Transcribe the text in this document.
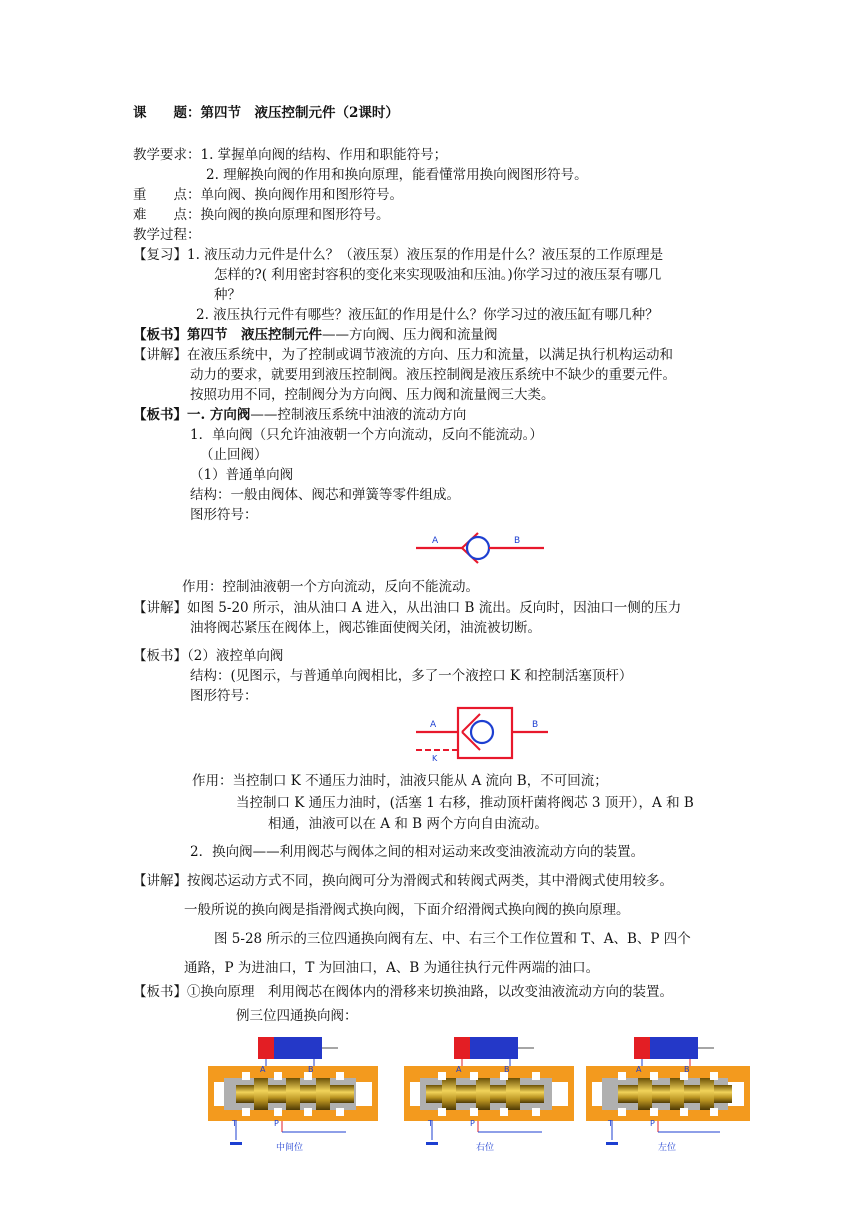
课　　题：第四节　液压控制元件（2课时）
教学要求：1. 掌握单向阀的结构、作用和职能符号；
2. 理解换向阀的作用和换向原理，能看懂常用换向阀图形符号。
重　　点：单向阀、换向阀作用和图形符号。
难　　点：换向阀的换向原理和图形符号。
教学过程：
【复习】1. 液压动力元件是什么？（液压泵）液压泵的作用是什么？液压泵的工作原理是
怎样的?( 利用密封容积的变化来实现吸油和压油。)你学习过的液压泵有哪几
种？
2. 液压执行元件有哪些？液压缸的作用是什么？你学习过的液压缸有哪几种？
【板书】第四节　液压控制元件——方向阀、压力阀和流量阀
【讲解】在液压系统中，为了控制或调节液流的方向、压力和流量，以满足执行机构运动和
动力的要求，就要用到液压控制阀。液压控制阀是液压系统中不缺少的重要元件。
按照功用不同，控制阀分为方向阀、压力阀和流量阀三大类。
【板书】一. 方向阀——控制液压系统中油液的流动方向
1．单向阀（只允许油液朝一个方向流动，反向不能流动。）
（止回阀）
（1）普通单向阀
结构：一般由阀体、阀芯和弹簧等零件组成。
图形符号：
A	B
作用：控制油液朝一个方向流动，反向不能流动。
【讲解】如图 5-20 所示，油从油口 A 进入，从出油口 B 流出。反向时，因油口一侧的压力
油将阀芯紧压在阀体上，阀芯锥面使阀关闭，油流被切断。
【板书】（2）液控单向阀
结构：(见图示，与普通单向阀相比，多了一个液控口 K 和控制活塞顶杆）
图形符号：
A	B
K
作用：当控制口 K 不通压力油时，油液只能从 A 流向 B，不可回流；
当控制口 K 通压力油时，(活塞 1 右移，推动顶杆菌将阀芯 3 顶开），A 和 B
相通，油液可以在 A 和 B 两个方向自由流动。
2．换向阀——利用阀芯与阀体之间的相对运动来改变油液流动方向的装置。
【讲解】按阀芯运动方式不同，换向阀可分为滑阀式和转阀式两类，其中滑阀式使用较多。
一般所说的换向阀是指滑阀式换向阀，下面介绍滑阀式换向阀的换向原理。
图 5-28 所示的三位四通换向阀有左、中、右三个工作位置和 T、A、B、P 四个
通路，P 为进油口，T 为回油口，A、B 为通往执行元件两端的油口。
【板书】①换向原理　利用阀芯在阀体内的滑移来切换油路，以改变油液流动方向的装置。
例三位四通换向阀：
A	B
T	P
中间位
A	B
T	P
右位
A	B
T	P
左位
